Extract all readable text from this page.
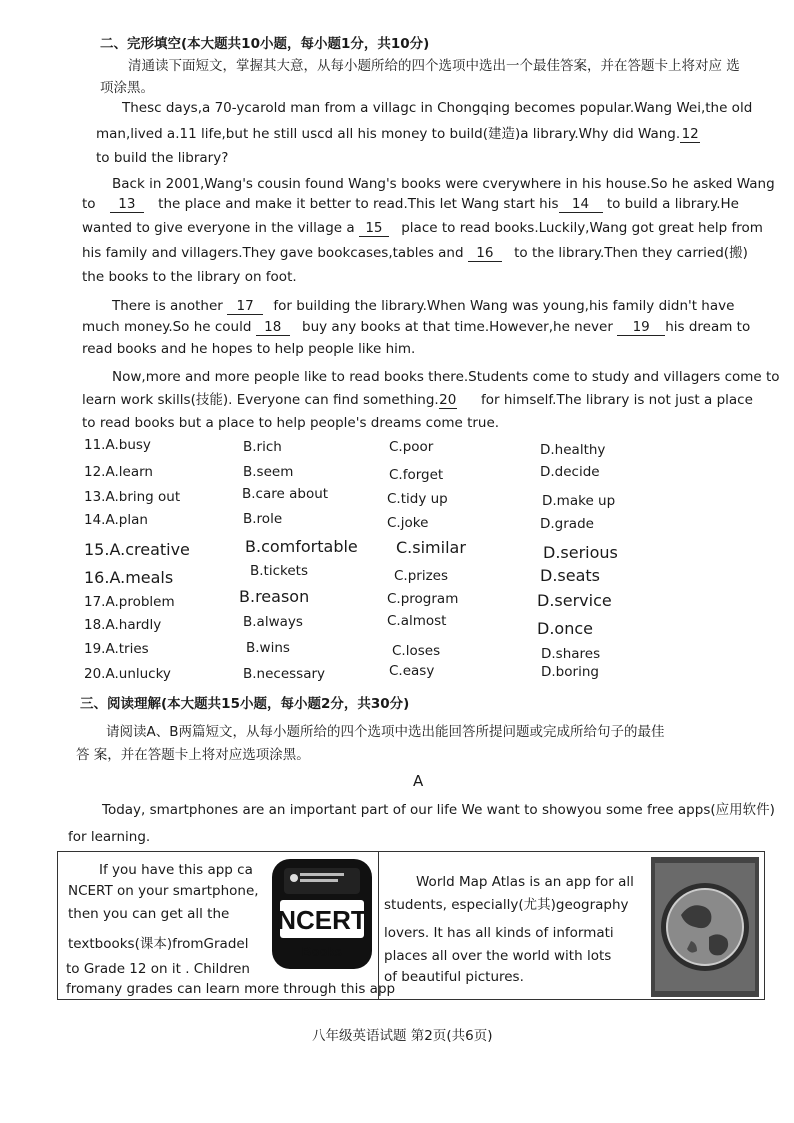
二、完形填空(本大题共10小题，每小题1分，共10分)
清通读下面短文，掌握其大意，从每小题所给的四个选项中选出一个最佳答案，并在答题卡上将对应 选
项涂黑。
Thesc days,a 70-ycarold man from a villagc in Chongqing becomes popular.Wang Wei,the old
man,lived a.11 life,but he still uscd all his money to build(建造)a library.Why did Wang.12
to build the library?
Back in 2001,Wang's cousin found Wang's books were cverywhere in his house.So he asked Wang
to 13 the place and make it better to read.This let Wang start his 14 to build a library.He
wanted to give everyone in the village a 15 place to read books.Luckily,Wang got great help from
his family and villagers.They gave bookcases,tables and 16 to the library.Then they carried(搬)
the books to the library on foot.
There is another 17 for building the library.When Wang was young,his family didn't have
much money.So he could 18 buy any books at that time.However,he never 19 his dream to
read books and he hopes to help people like him.
Now,more and more people like to read books there.Students come to study and villagers come to
learn work skills(技能). Everyone can find something.20 for himself.The library is not just a place
to read books but a place to help people's dreams come true.
11.A.busy	B.rich	C.poor	D.healthy
12.A.learn	B.seem	C.forget	D.decide
13.A.bring out	B.care about	C.tidy up	D.make up
14.A.plan	B.role	C.joke	D.grade
15.A.creative	B.comfortable C.similar	D.serious
16.A.meals	B.tickets	C.prizes	D.seats
17.A.problem	B.reason	C.program	D.service
18.A.hardly	B.always	C.almost	D.once
19.A.tries	B.wins	C.loses	D.shares
20.A.unlucky	B.necessary	C.easy	D.boring
三、阅读理解(本大题共15小题，每小题2分，共30分)
请阅读A、B两篇短文，从每小题所给的四个选项中选出能回答所提问题或完成所给句子的最佳
答 案，并在答题卡上将对应选项涂黑。
A
Today, smartphones are an important part of our life We want to showyou some free apps(应用软件)
for learning.
If you have this app ca
NCERT on your smartphone,
then you can get all the
textbooks(课本)fromGradel
to Grade 12 on it . Children
fromany grades can learn more through this app
NCERT
Books
World Map Atlas is an app for all
students, especially(尤其)geography
lovers. It has all kinds of informati
places all over the world with lots
of beautiful pictures.
八年级英语试题 第2页(共6页)
